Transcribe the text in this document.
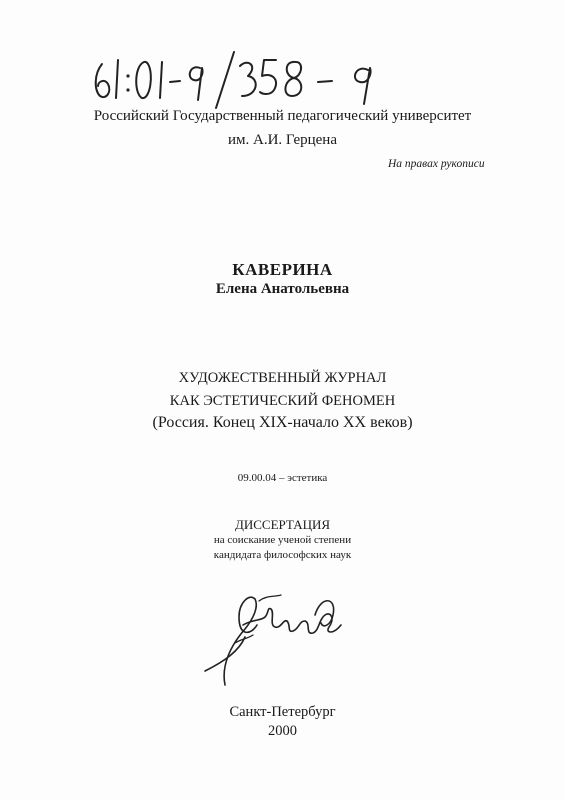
Российский Государственный педагогический университет
им. А.И. Герцена
На правах рукописи
КАВЕРИНА
Елена Анатольевна
ХУДОЖЕСТВЕННЫЙ ЖУРНАЛ
КАК ЭСТЕТИЧЕСКИЙ ФЕНОМЕН
(Россия. Конец XIX-начало XX веков)
09.00.04 – эстетика
ДИССЕРТАЦИЯ
на соискание ученой степени
кандидата философских наук
Санкт-Петербург
2000
